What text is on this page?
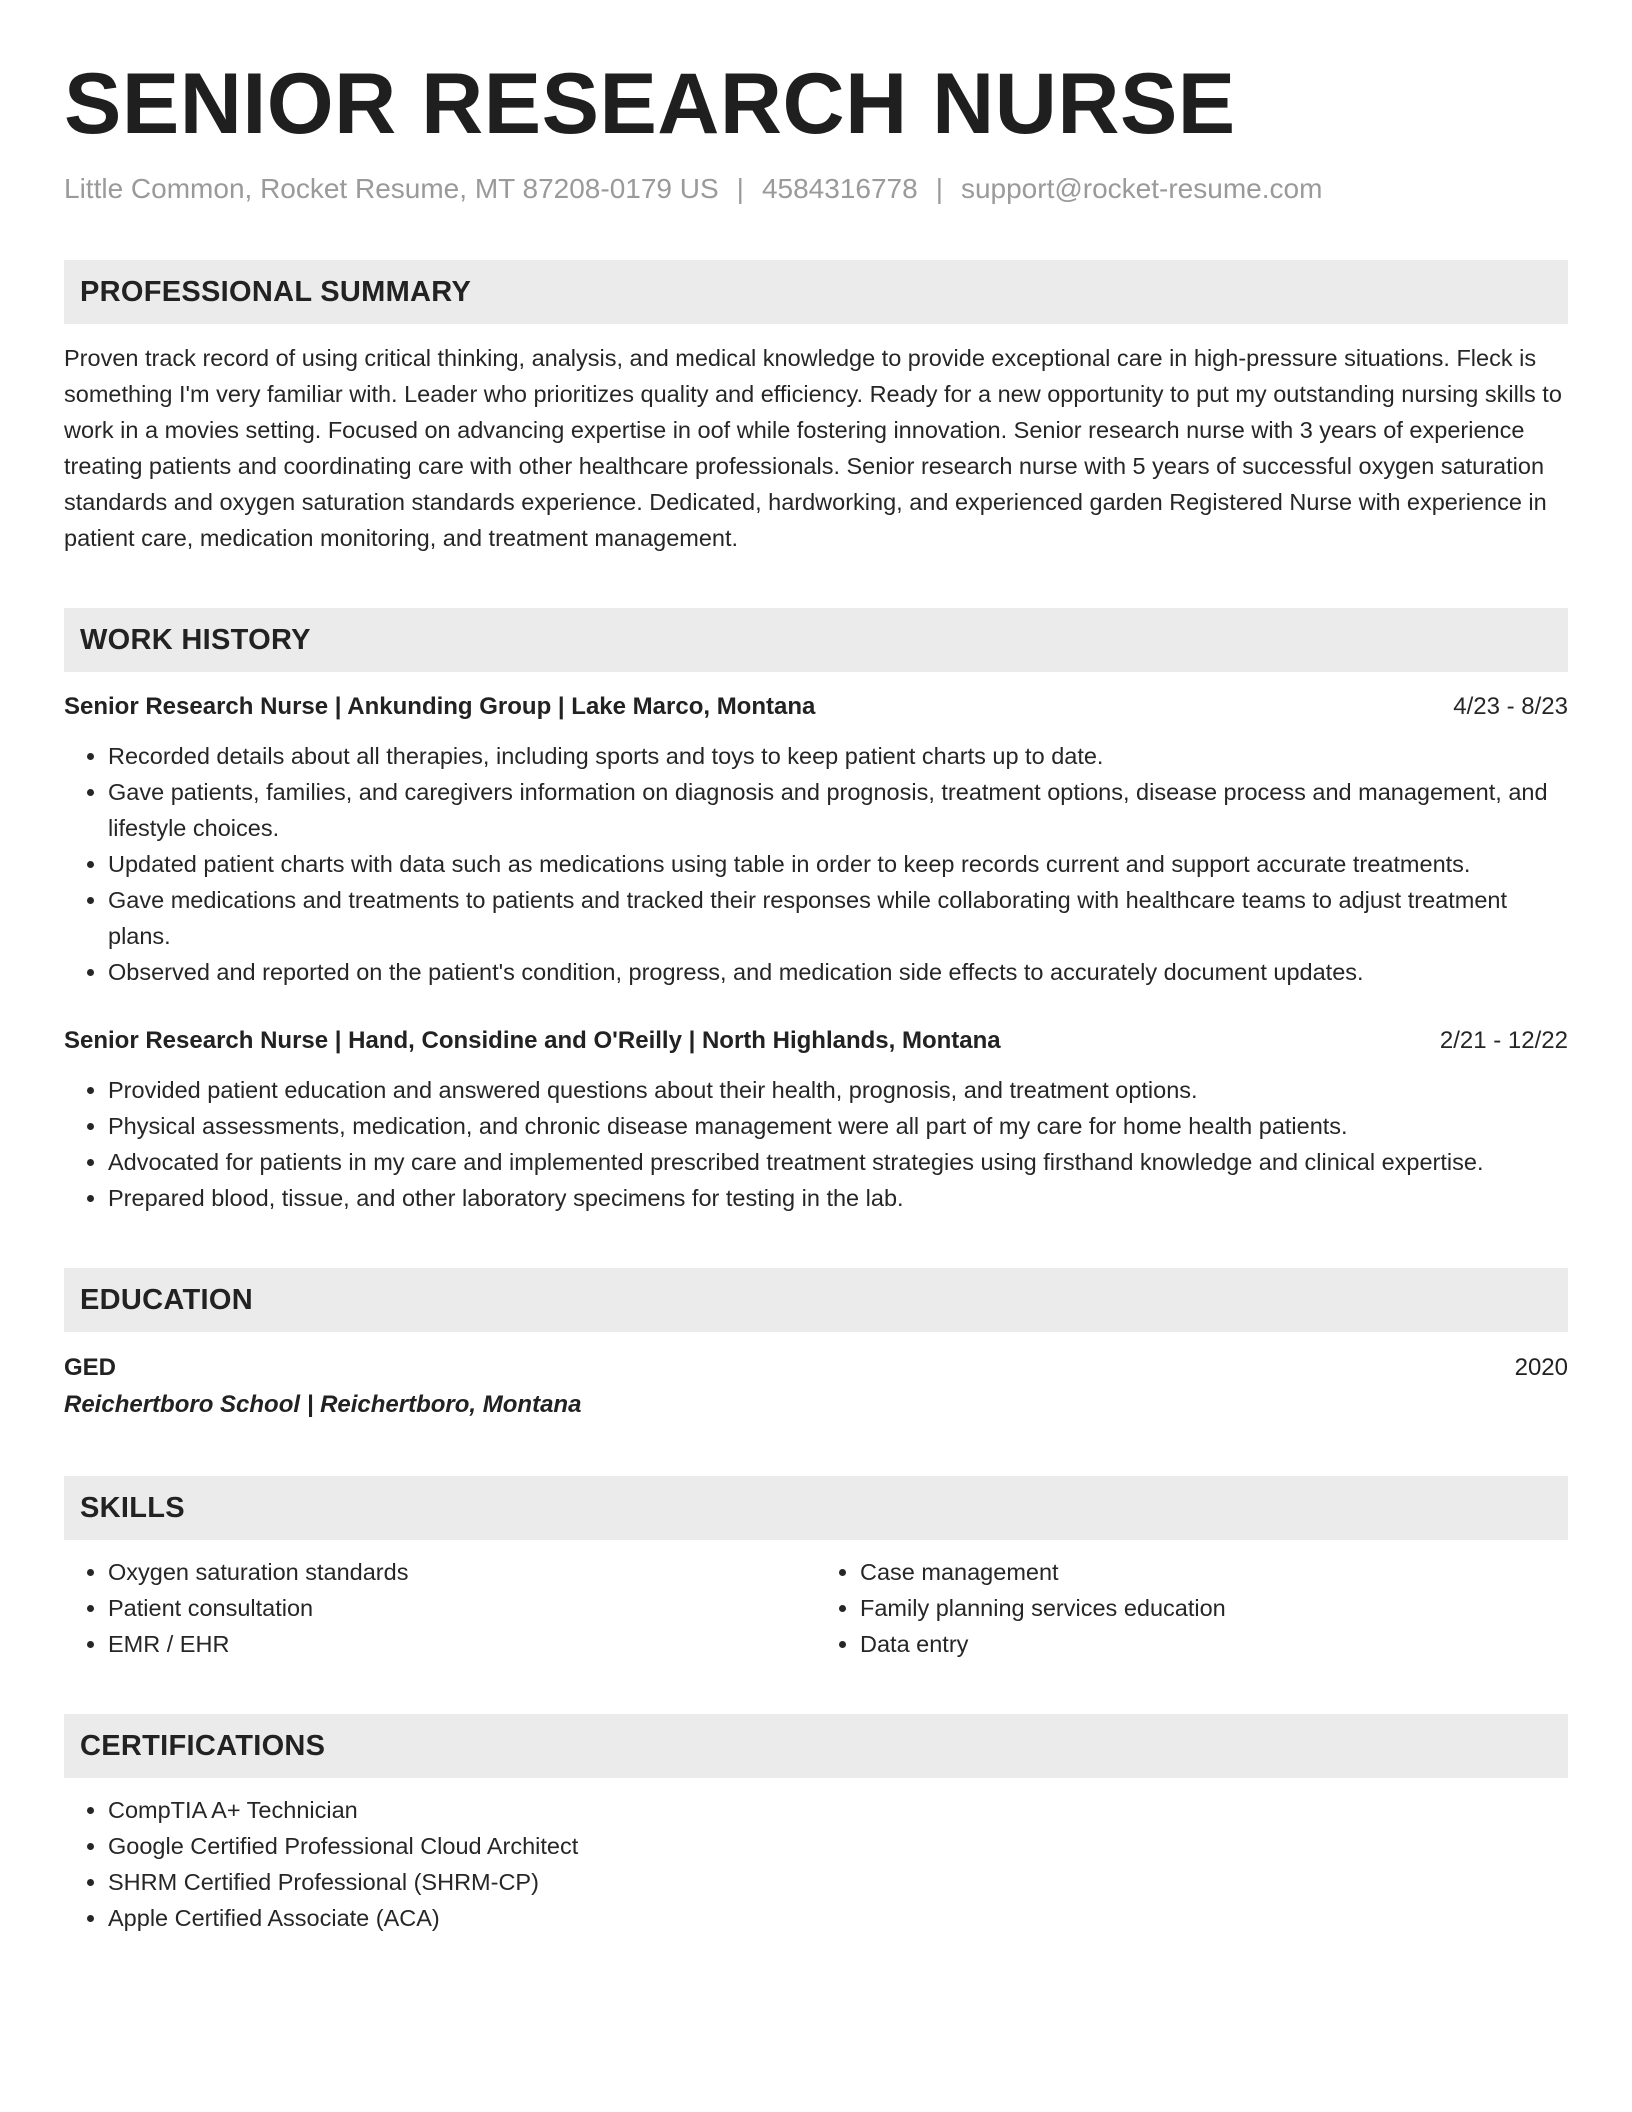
SENIOR RESEARCH NURSE
Little Common, Rocket Resume, MT 87208-0179 US | 4584316778 | support@rocket-resume.com
PROFESSIONAL SUMMARY
Proven track record of using critical thinking, analysis, and medical knowledge to provide exceptional care in high-pressure situations. Fleck is something I'm very familiar with. Leader who prioritizes quality and efficiency. Ready for a new opportunity to put my outstanding nursing skills to work in a movies setting. Focused on advancing expertise in oof while fostering innovation. Senior research nurse with 3 years of experience treating patients and coordinating care with other healthcare professionals. Senior research nurse with 5 years of successful oxygen saturation standards and oxygen saturation standards experience. Dedicated, hardworking, and experienced garden Registered Nurse with experience in patient care, medication monitoring, and treatment management.
WORK HISTORY
Senior Research Nurse | Ankunding Group | Lake Marco, Montana	4/23 - 8/23
• Recorded details about all therapies, including sports and toys to keep patient charts up to date.
• Gave patients, families, and caregivers information on diagnosis and prognosis, treatment options, disease process and management, and lifestyle choices.
• Updated patient charts with data such as medications using table in order to keep records current and support accurate treatments.
• Gave medications and treatments to patients and tracked their responses while collaborating with healthcare teams to adjust treatment plans.
• Observed and reported on the patient's condition, progress, and medication side effects to accurately document updates.
Senior Research Nurse | Hand, Considine and O'Reilly | North Highlands, Montana	2/21 - 12/22
• Provided patient education and answered questions about their health, prognosis, and treatment options.
• Physical assessments, medication, and chronic disease management were all part of my care for home health patients.
• Advocated for patients in my care and implemented prescribed treatment strategies using firsthand knowledge and clinical expertise.
• Prepared blood, tissue, and other laboratory specimens for testing in the lab.
EDUCATION
GED	2020
Reichertboro School | Reichertboro, Montana
SKILLS
• Oxygen saturation standards
• Patient consultation
• EMR / EHR
• Case management
• Family planning services education
• Data entry
CERTIFICATIONS
• CompTIA A+ Technician
• Google Certified Professional Cloud Architect
• SHRM Certified Professional (SHRM-CP)
• Apple Certified Associate (ACA)
